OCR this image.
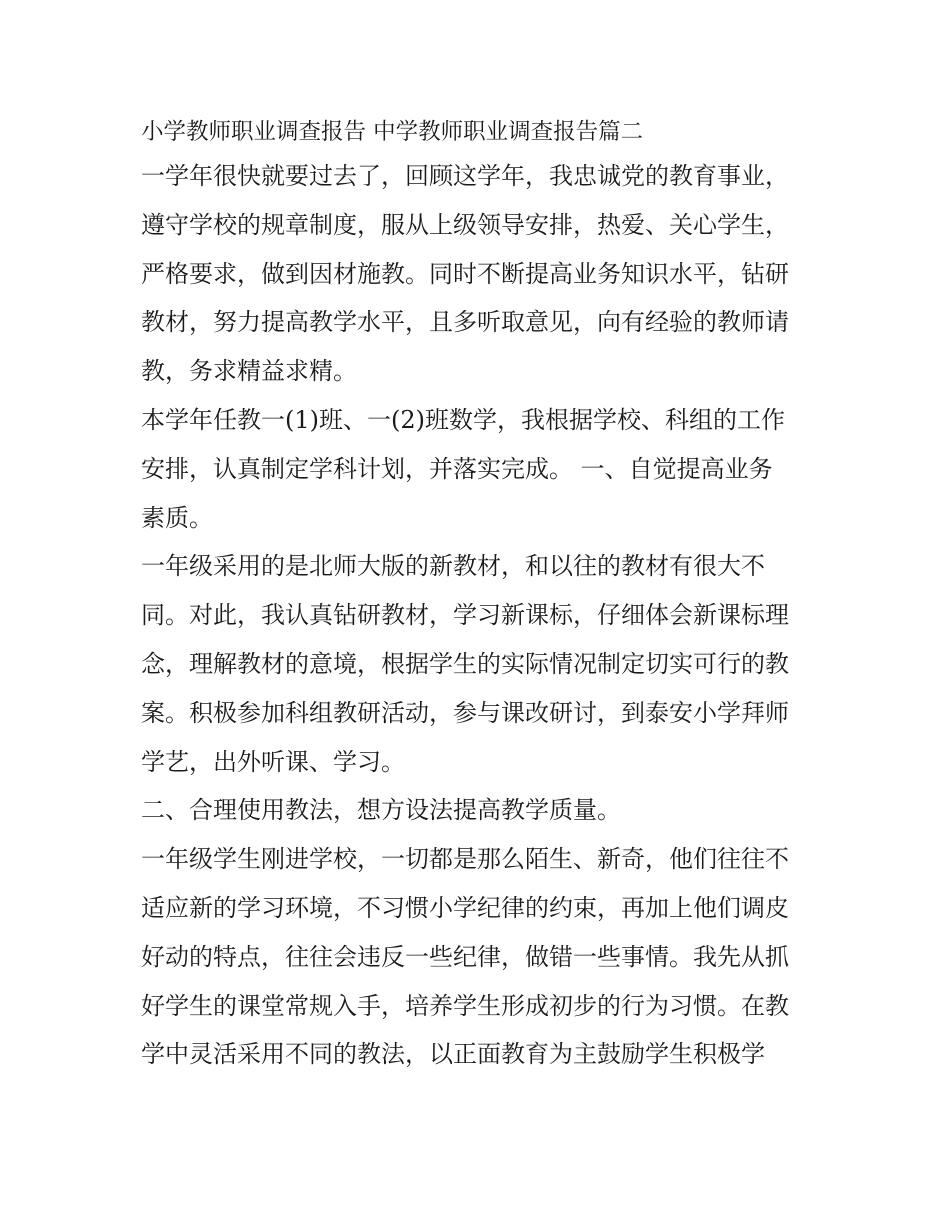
小学教师职业调查报告 中学教师职业调查报告篇二
一学年很快就要过去了，回顾这学年，我忠诚党的教育事业，
遵守学校的规章制度，服从上级领导安排，热爱、关心学生，
严格要求，做到因材施教。同时不断提高业务知识水平，钻研
教材，努力提高教学水平，且多听取意见，向有经验的教师请
教，务求精益求精。
本学年任教一(1)班、一(2)班数学，我根据学校、科组的工作
安排，认真制定学科计划，并落实完成。 一、自觉提高业务
素质。
一年级采用的是北师大版的新教材，和以往的教材有很大不
同。对此，我认真钻研教材，学习新课标，仔细体会新课标理
念，理解教材的意境，根据学生的实际情况制定切实可行的教
案。积极参加科组教研活动，参与课改研讨，到泰安小学拜师
学艺，出外听课、学习。
二、合理使用教法，想方设法提高教学质量。
一年级学生刚进学校，一切都是那么陌生、新奇，他们往往不
适应新的学习环境，不习惯小学纪律的约束，再加上他们调皮
好动的特点，往往会违反一些纪律，做错一些事情。我先从抓
好学生的课堂常规入手，培养学生形成初步的行为习惯。在教
学中灵活采用不同的教法，以正面教育为主鼓励学生积极学
